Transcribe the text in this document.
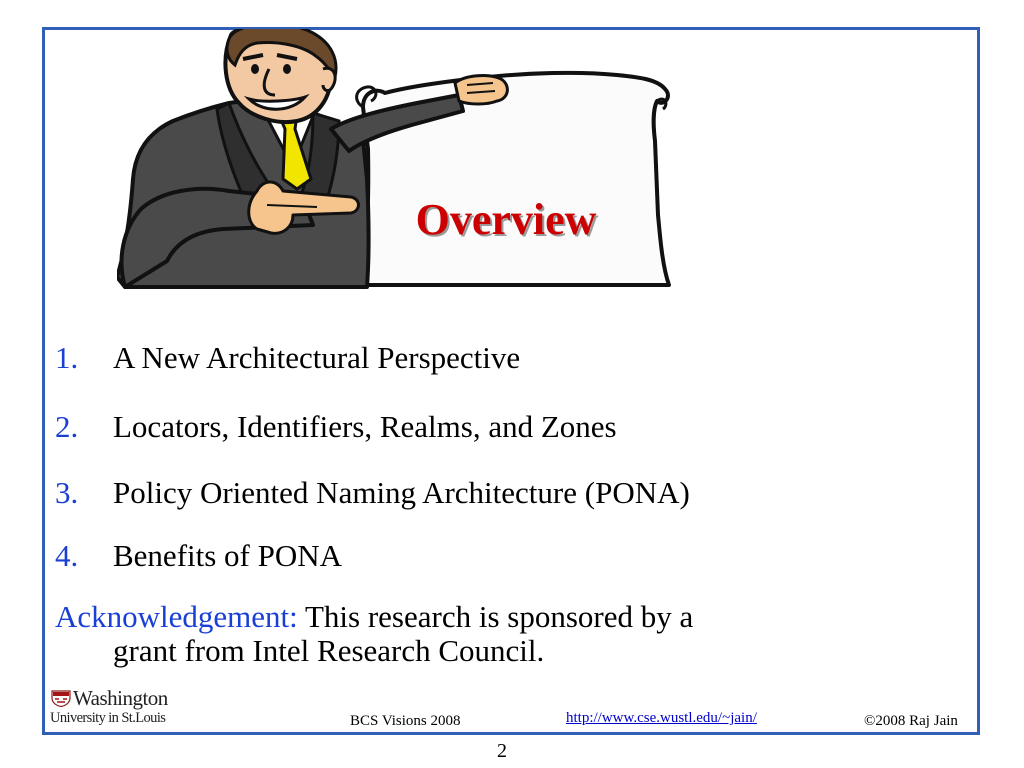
Overview
1. A New Architectural Perspective
2. Locators, Identifiers, Realms, and Zones
3. Policy Oriented Naming Architecture (PONA)
4. Benefits of PONA
Acknowledgement: This research is sponsored by a
grant from Intel Research Council.
Washington
University in St.Louis	BCS Visions 2008	http://www.cse.wustl.edu/~jain/	©2008 Raj Jain
2
